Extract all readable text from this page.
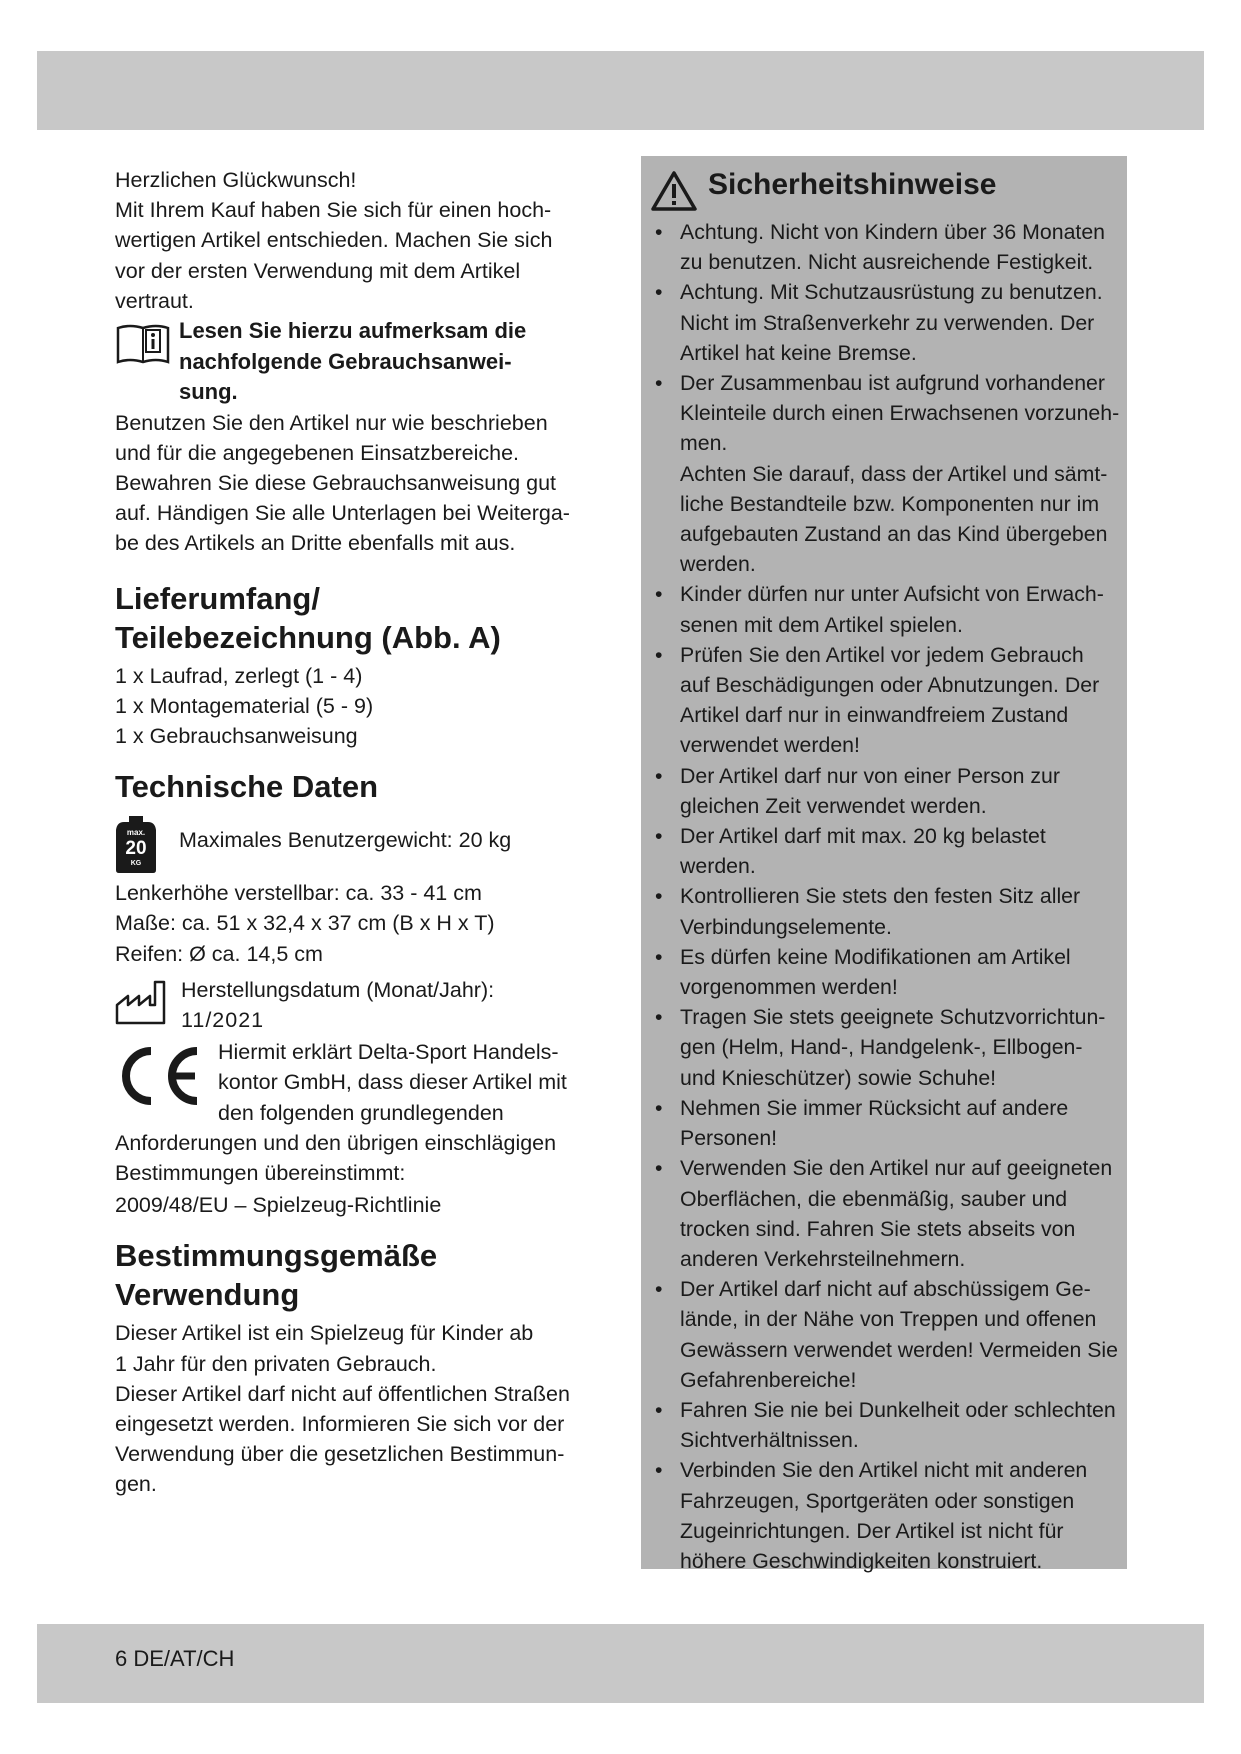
Herzlichen Glückwunsch!

Mit Ihrem Kauf haben Sie sich für einen hoch-

wertigen Artikel entschieden. Machen Sie sich

vor der ersten Verwendung mit dem Artikel

vertraut.

Lesen Sie hierzu aufmerksam die

nachfolgende Gebrauchsanwei-

sung.

Benutzen Sie den Artikel nur wie beschrieben

und für die angegebenen Einsatzbereiche.

Bewahren Sie diese Gebrauchsanweisung gut

auf. Händigen Sie alle Unterlagen bei Weiterga-

be des Artikels an Dritte ebenfalls mit aus.

Lieferumfang/
Teilebezeichnung (Abb. A)

1 x Laufrad, zerlegt (1 - 4)

1 x Montagematerial (5 - 9)

1 x Gebrauchsanweisung

Technische Daten
max.
20
KG
Maximales Benutzergewicht: 20 kg

Lenkerhöhe verstellbar: ca. 33 - 41 cm

Maße: ca. 51 x 32,4 x 37 cm (B x H x T)

Reifen: Ø ca. 14,5 cm

Herstellungsdatum (Monat/Jahr):

11/2021

Hiermit erklärt Delta-Sport Handels-

kontor GmbH, dass dieser Artikel mit

den folgenden grundlegenden

Anforderungen und den übrigen einschlägigen

Bestimmungen übereinstimmt:

2009/48/EU – Spielzeug-Richtlinie

Bestimmungsgemäße
Verwendung

Dieser Artikel ist ein Spielzeug für Kinder ab

1 Jahr für den privaten Gebrauch.

Dieser Artikel darf nicht auf öffentlichen Straßen

eingesetzt werden. Informieren Sie sich vor der

Verwendung über die gesetzlichen Bestimmun-

gen.

Sicherheitshinweise
• Achtung. Nicht von Kindern über 36 Monaten

zu benutzen. Nicht ausreichende Festigkeit.

• Achtung. Mit Schutzausrüstung zu benutzen.

Nicht im Straßenverkehr zu verwenden. Der

Artikel hat keine Bremse.

• Der Zusammenbau ist aufgrund vorhandener

Kleinteile durch einen Erwachsenen vorzuneh-

men.

Achten Sie darauf, dass der Artikel und sämt-

liche Bestandteile bzw. Komponenten nur im

aufgebauten Zustand an das Kind übergeben

werden.

• Kinder dürfen nur unter Aufsicht von Erwach-

senen mit dem Artikel spielen.

• Prüfen Sie den Artikel vor jedem Gebrauch

auf Beschädigungen oder Abnutzungen. Der

Artikel darf nur in einwandfreiem Zustand

verwendet werden!

• Der Artikel darf nur von einer Person zur

gleichen Zeit verwendet werden.

• Der Artikel darf mit max. 20 kg belastet

werden.

• Kontrollieren Sie stets den festen Sitz aller

Verbindungselemente.

• Es dürfen keine Modifikationen am Artikel

vorgenommen werden!

• Tragen Sie stets geeignete Schutzvorrichtun-

gen (Helm, Hand-, Handgelenk-, Ellbogen-

und Knieschützer) sowie Schuhe!

• Nehmen Sie immer Rücksicht auf andere

Personen!

• Verwenden Sie den Artikel nur auf geeigneten

Oberflächen, die ebenmäßig, sauber und

trocken sind. Fahren Sie stets abseits von

anderen Verkehrsteilnehmern.

• Der Artikel darf nicht auf abschüssigem Ge-

lände, in der Nähe von Treppen und offenen

Gewässern verwendet werden! Vermeiden Sie

Gefahrenbereiche!

• Fahren Sie nie bei Dunkelheit oder schlechten

Sichtverhältnissen.

• Verbinden Sie den Artikel nicht mit anderen

Fahrzeugen, Sportgeräten oder sonstigen

Zugeinrichtungen. Der Artikel ist nicht für

höhere Geschwindigkeiten konstruiert.

6 DE/AT/CH
